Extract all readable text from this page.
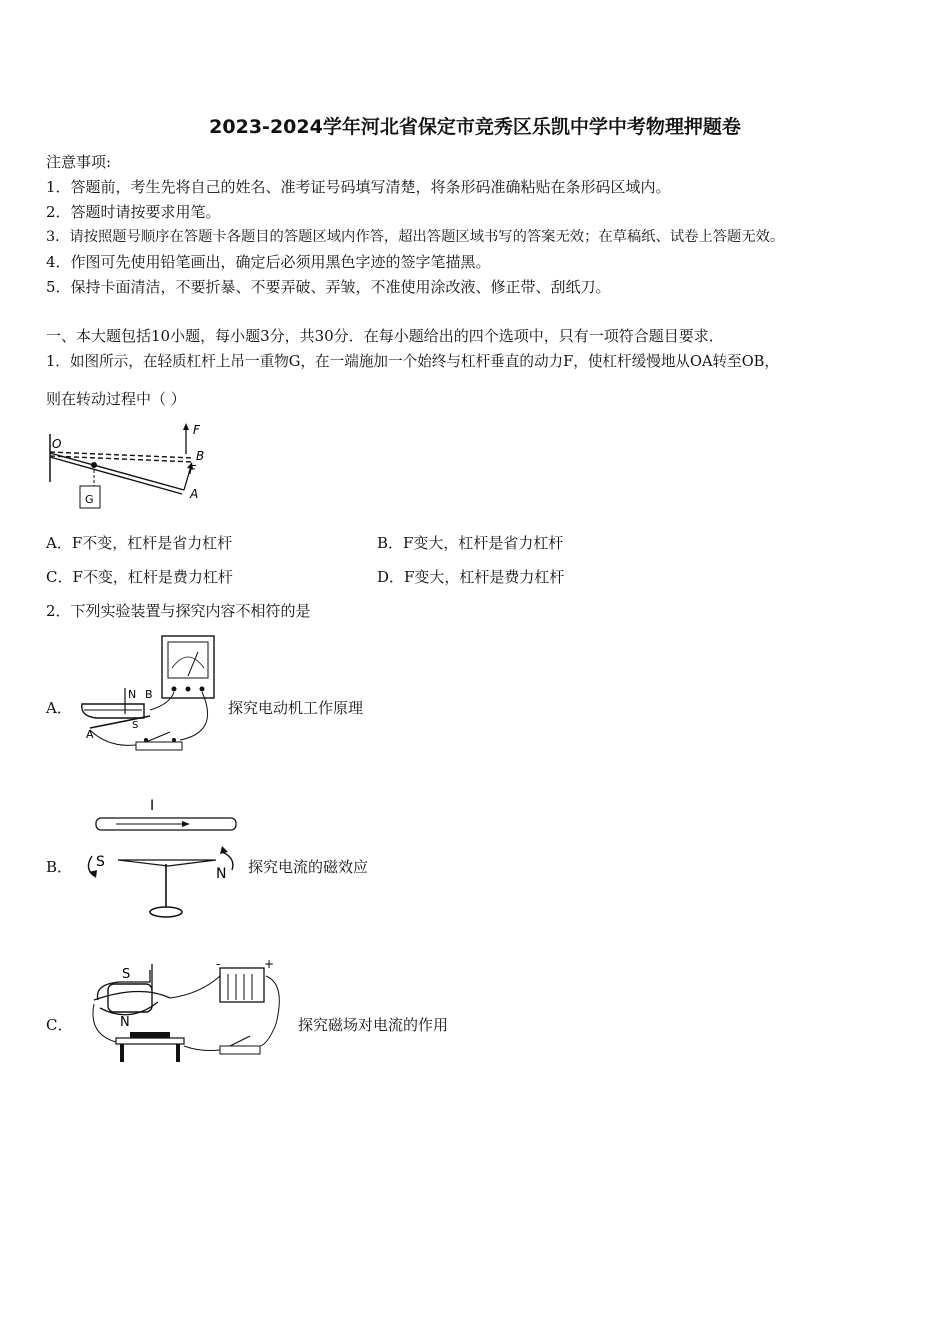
2023-2024学年河北省保定市竞秀区乐凯中学中考物理押题卷
注意事项:
1．答题前，考生先将自己的姓名、准考证号码填写清楚，将条形码准确粘贴在条形码区域内。
2．答题时请按要求用笔。
3．请按照题号顺序在答题卡各题目的答题区域内作答，超出答题区域书写的答案无效；在草稿纸、试卷上答题无效。
4．作图可先使用铅笔画出，确定后必须用黑色字迹的签字笔描黑。
5．保持卡面清洁，不要折暴、不要弄破、弄皱，不准使用涂改液、修正带、刮纸刀。
一、本大题包括10小题，每小题3分，共30分．在每小题给出的四个选项中，只有一项符合题目要求．
1．如图所示，在轻质杠杆上吊一重物G，在一端施加一个始终与杠杆垂直的动力F，使杠杆缓慢地从OA转至OB，
则在转动过程中（ ）
O
F
B
F
A
G
A．F不变，杠杆是省力杠杆	B．F变大，杠杆是省力杠杆
C．F不变，杠杆是费力杠杆	D．F变大，杠杆是费力杠杆
2．下列实验装置与探究内容不相符的是
A．
N B
S
A
探究电动机工作原理
B．
I
S
N 探究电流的磁效应
C．
S
N
-	+
探究磁场对电流的作用
